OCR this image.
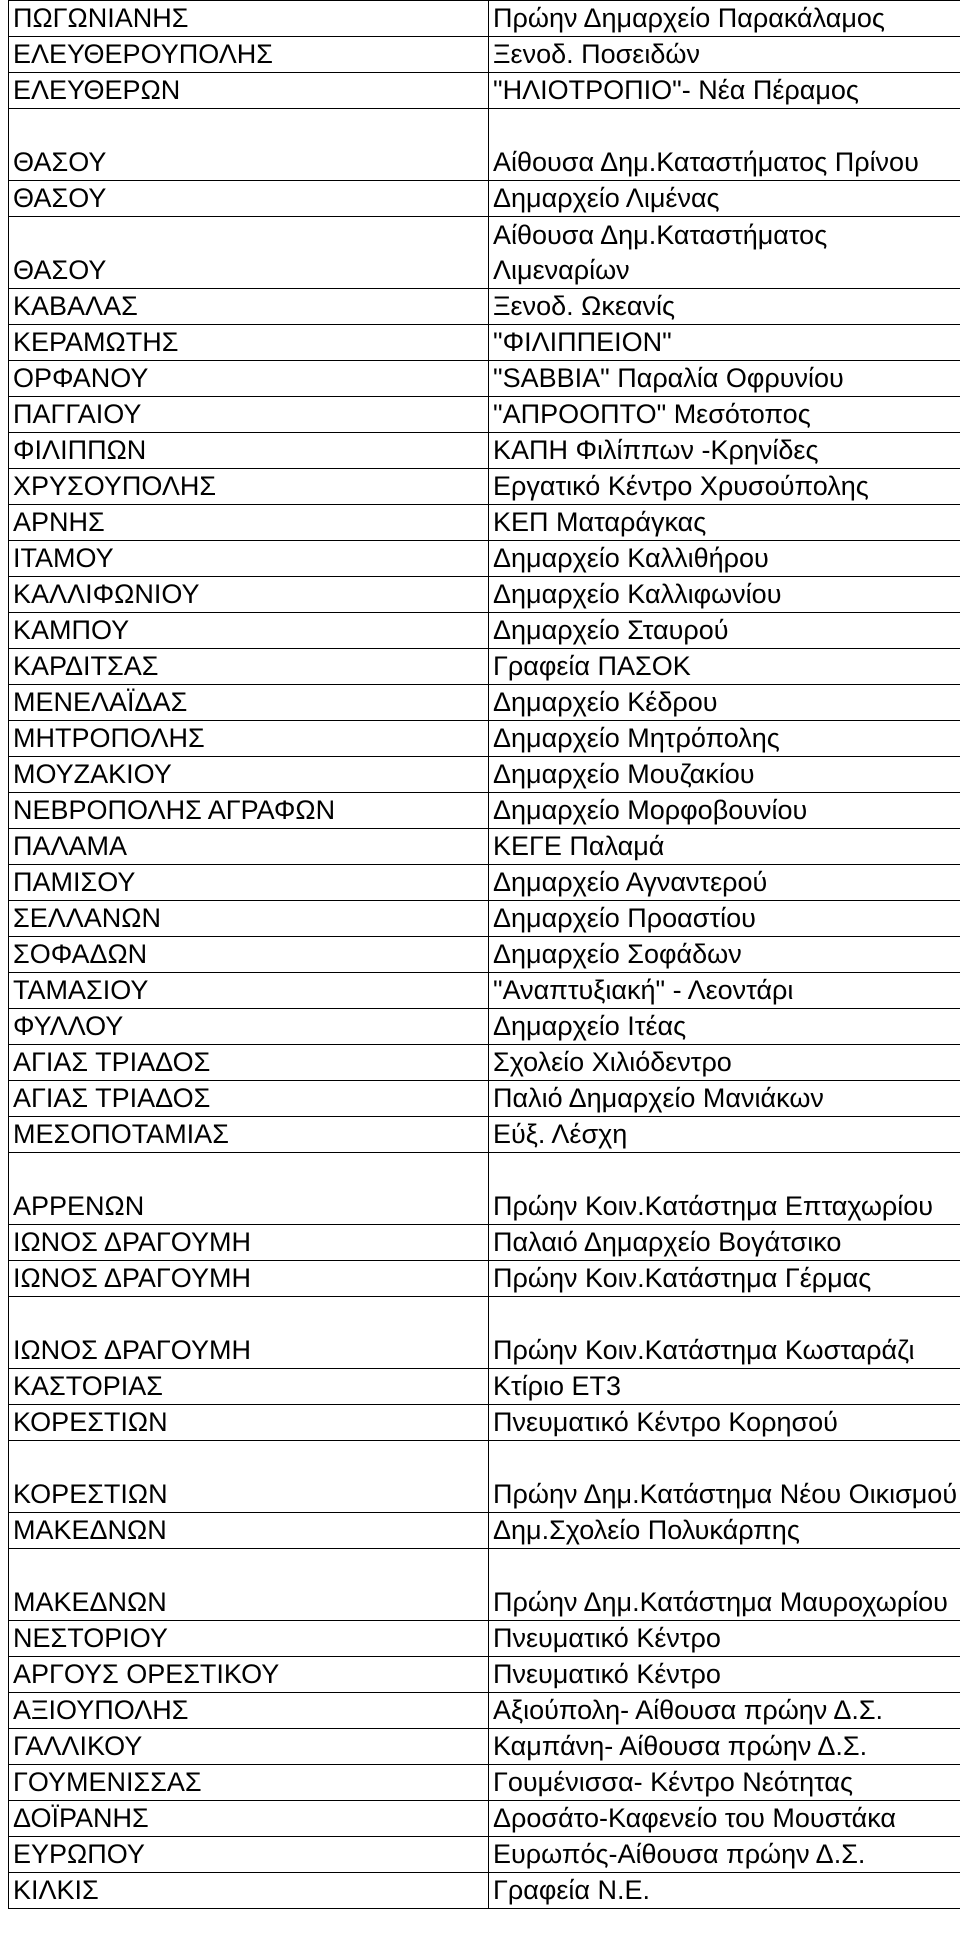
ΠΩΓΩΝΙΑΝΗΣ	Πρώην Δημαρχείο Παρακάλαμος

ΕΛΕΥΘΕΡΟΥΠΟΛΗΣ	Ξενοδ. Ποσειδών

ΕΛΕΥΘΕΡΩΝ	"ΗΛΙΟΤΡΟΠΙΟ"- Νέα Πέραμος

ΘΑΣΟΥ	Αίθουσα Δημ.Καταστήματος Πρίνου

ΘΑΣΟΥ	Δημαρχείο Λιμένας

ΘΑΣΟΥ	Αίθουσα Δημ.Καταστήματος Λιμεναρίων

ΚΑΒΑΛΑΣ	Ξενοδ. Ωκεανίς

ΚΕΡΑΜΩΤΗΣ	"ΦΙΛΙΠΠΕΙΟΝ"

ΟΡΦΑΝΟΥ	"SABBIA" Παραλία Οφρυνίου

ΠΑΓΓΑΙΟΥ	"ΑΠΡΟΟΠΤΟ" Μεσότοπος

ΦΙΛΙΠΠΩΝ	ΚΑΠΗ Φιλίππων -Κρηνίδες

ΧΡΥΣΟΥΠΟΛΗΣ	Εργατικό Κέντρο Χρυσούπολης

ΑΡΝΗΣ	ΚΕΠ Ματαράγκας

ΙΤΑΜΟΥ	Δημαρχείο Καλλιθήρου

ΚΑΛΛΙΦΩΝΙΟΥ	Δημαρχείο Καλλιφωνίου

ΚΑΜΠΟΥ	Δημαρχείο Σταυρού

ΚΑΡΔΙΤΣΑΣ	Γραφεία ΠΑΣΟΚ

ΜΕΝΕΛΑΪΔΑΣ	Δημαρχείο Κέδρου

ΜΗΤΡΟΠΟΛΗΣ	Δημαρχείο Μητρόπολης

ΜΟΥΖΑΚΙΟΥ	Δημαρχείο Μουζακίου

ΝΕΒΡΟΠΟΛΗΣ ΑΓΡΑΦΩΝ	Δημαρχείο Μορφοβουνίου

ΠΑΛΑΜΑ	ΚΕΓΕ Παλαμά

ΠΑΜΙΣΟΥ	Δημαρχείο Αγναντερού

ΣΕΛΛΑΝΩΝ	Δημαρχείο Προαστίου

ΣΟΦΑΔΩΝ	Δημαρχείο Σοφάδων

ΤΑΜΑΣΙΟΥ	"Αναπτυξιακή" - Λεοντάρι

ΦΥΛΛΟΥ	Δημαρχείο Ιτέας

ΑΓΙΑΣ ΤΡΙΑΔΟΣ	Σχολείο Χιλιόδεντρο

ΑΓΙΑΣ ΤΡΙΑΔΟΣ	Παλιό Δημαρχείο Μανιάκων

ΜΕΣΟΠΟΤΑΜΙΑΣ	Εύξ. Λέσχη

ΑΡΡΕΝΩΝ	Πρώην Κοιν.Κατάστημα Επταχωρίου

ΙΩΝΟΣ ΔΡΑΓΟΥΜΗ	Παλαιό Δημαρχείο Βογάτσικο

ΙΩΝΟΣ ΔΡΑΓΟΥΜΗ	Πρώην Κοιν.Κατάστημα Γέρμας

ΙΩΝΟΣ ΔΡΑΓΟΥΜΗ	Πρώην Κοιν.Κατάστημα Κωσταράζι

ΚΑΣΤΟΡΙΑΣ	Κτίριο ΕΤ3

ΚΟΡΕΣΤΙΩΝ	Πνευματικό Κέντρο Κορησού

ΚΟΡΕΣΤΙΩΝ	Πρώην Δημ.Κατάστημα Νέου Οικισμού

ΜΑΚΕΔΝΩΝ	Δημ.Σχολείο Πολυκάρπης

ΜΑΚΕΔΝΩΝ	Πρώην Δημ.Κατάστημα Μαυροχωρίου

ΝΕΣΤΟΡΙΟΥ	Πνευματικό Κέντρο

ΑΡΓΟΥΣ ΟΡΕΣΤΙΚΟΥ	Πνευματικό Κέντρο

ΑΞΙΟΥΠΟΛΗΣ	Αξιούπολη- Αίθουσα πρώην Δ.Σ.

ΓΑΛΛΙΚΟΥ	Καμπάνη- Αίθουσα πρώην Δ.Σ.

ΓΟΥΜΕΝΙΣΣΑΣ	Γουμένισσα- Κέντρο Νεότητας

ΔΟΪΡΑΝΗΣ	Δροσάτο-Καφενείο του Μουστάκα

ΕΥΡΩΠΟΥ	Ευρωπός-Αίθουσα πρώην Δ.Σ.

ΚΙΛΚΙΣ	Γραφεία Ν.Ε.
